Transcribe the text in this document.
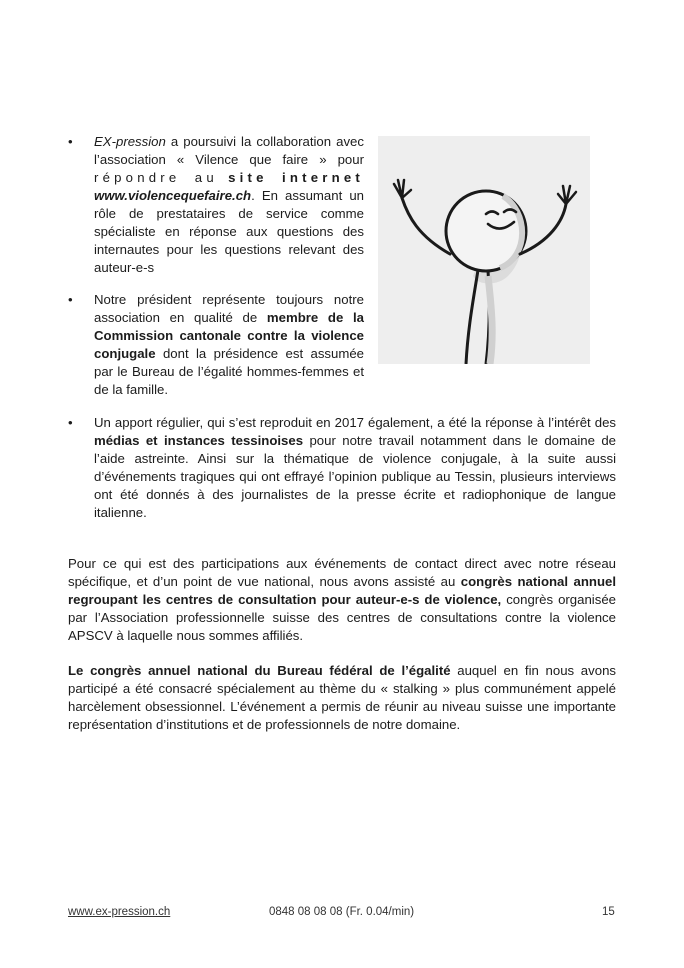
• EX-pression a poursuivi la collaboration avec l’association « Vilence que faire » pour répondre au site internet www.violencequefaire.ch. En assumant un rôle de prestataires de service comme spécialiste en réponse aux questions des internautes pour les questions relevant des auteur-e-s
• Notre président représente toujours notre association en qualité de membre de la Commission cantonale contre la violence conjugale dont la présidence est assumée par le Bureau de l’égalité hommes-femmes et de la famille.
• Un apport régulier, qui s’est reproduit en 2017 également, a été la réponse à l’intérêt des médias et instances tessinoises pour notre travail notamment dans le domaine de l’aide astreinte. Ainsi sur la thématique de violence conjugale, à la suite aussi d’événements tragiques qui ont effrayé l’opinion publique au Tessin, plusieurs interviews ont été donnés à des journalistes de la presse écrite et radiophonique de langue italienne.
Pour ce qui est des participations aux événements de contact direct avec notre réseau spécifique, et d’un point de vue national, nous avons assisté au congrès national annuel regroupant les centres de consultation pour auteur-e-s de violence, congrès organisée par l’Association professionnelle suisse des centres de consultations contre la violence APSCV à laquelle nous sommes affiliés.
Le congrès annuel national du Bureau fédéral de l’égalité auquel en fin nous avons participé a été consacré spécialement au thème du « stalking » plus communément appelé harcèlement obsessionnel. L’événement a permis de réunir au niveau suisse une importante représentation d’institutions et de professionnels de notre domaine.
www.ex-pression.ch	0848 08 08 08 (Fr. 0.04/min)	15
